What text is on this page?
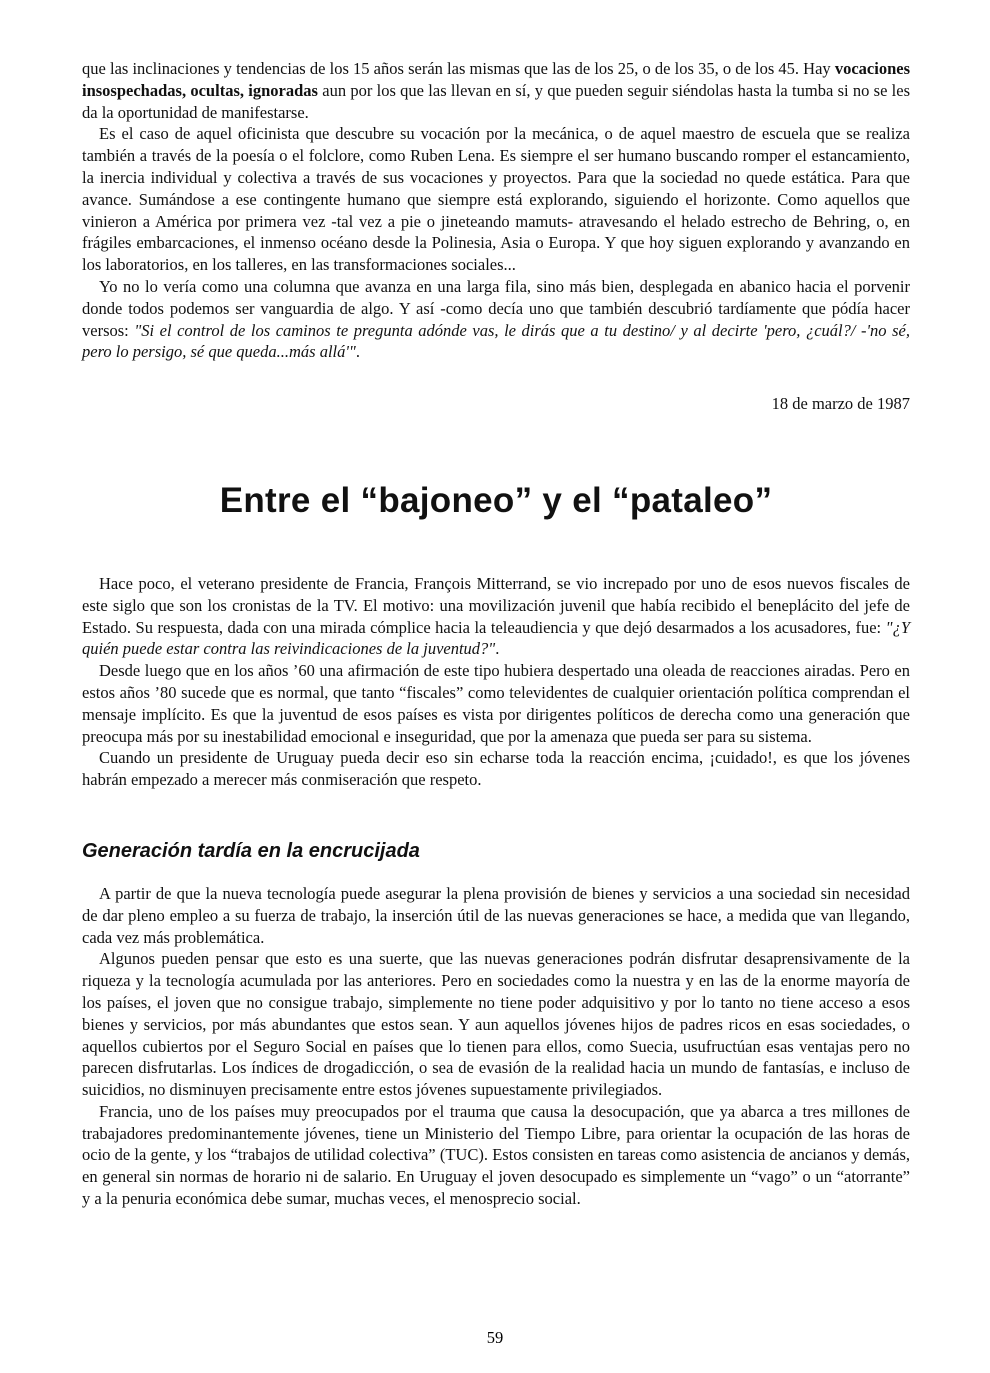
que las inclinaciones y tendencias de los 15 años serán las mismas que las de los 25, o de los 35, o de los 45. Hay vocaciones insospechadas, ocultas, ignoradas aun por los que las llevan en sí, y que pueden seguir siéndolas hasta la tumba si no se les da la oportunidad de manifestarse.

Es el caso de aquel oficinista que descubre su vocación por la mecánica, o de aquel maestro de escuela que se realiza también a través de la poesía o el folclore, como Ruben Lena. Es siempre el ser humano buscando romper el estancamiento, la inercia individual y colectiva a través de sus vocaciones y proyectos. Para que la sociedad no quede estática. Para que avance. Sumándose a ese contingente humano que siempre está explorando, siguiendo el horizonte. Como aquellos que vinieron a América por primera vez -tal vez a pie o jineteando mamuts- atravesando el helado estrecho de Behring, o, en frágiles embarcaciones, el inmenso océano desde la Polinesia, Asia o Europa. Y que hoy siguen explorando y avanzando en los laboratorios, en los talleres, en las transformaciones sociales...

Yo no lo vería como una columna que avanza en una larga fila, sino más bien, desplegada en abanico hacia el porvenir donde todos podemos ser vanguardia de algo. Y así -como decía uno que también descubrió tardíamente que pódía hacer versos: "Si el control de los caminos te pregunta adónde vas, le dirás que a tu destino/ y al decirte 'pero, ¿cuál?/ -'no sé, pero lo persigo, sé que queda...más allá'".

18 de marzo de 1987
Entre el “bajoneo” y el “pataleo”

Hace poco, el veterano presidente de Francia, François Mitterrand, se vio increpado por uno de esos nuevos fiscales de este siglo que son los cronistas de la TV. El motivo: una movilización juvenil que había recibido el beneplácito del jefe de Estado. Su respuesta, dada con una mirada cómplice hacia la teleaudiencia y que dejó desarmados a los acusadores, fue: "¿Y quién puede estar contra las reivindicaciones de la juventud?".

Desde luego que en los años ’60 una afirmación de este tipo hubiera despertado una oleada de reacciones airadas. Pero en estos años ’80 sucede que es normal, que tanto “fiscales” como televidentes de cualquier orientación política comprendan el mensaje implícito. Es que la juventud de esos países es vista por dirigentes políticos de derecha como una generación que preocupa más por su inestabilidad emocional e inseguridad, que por la amenaza que pueda ser para su sistema.

Cuando un presidente de Uruguay pueda decir eso sin echarse toda la reacción encima, ¡cuidado!, es que los jóvenes habrán empezado a merecer más conmiseración que respeto.

Generación tardía en la encrucijada

A partir de que la nueva tecnología puede asegurar la plena provisión de bienes y servicios a una sociedad sin necesidad de dar pleno empleo a su fuerza de trabajo, la inserción útil de las nuevas generaciones se hace, a medida que van llegando, cada vez más problemática.

Algunos pueden pensar que esto es una suerte, que las nuevas generaciones podrán disfrutar desaprensivamente de la riqueza y la tecnología acumulada por las anteriores. Pero en sociedades como la nuestra y en las de la enorme mayoría de los países, el joven que no consigue trabajo, simplemente no tiene poder adquisitivo y por lo tanto no tiene acceso a esos bienes y servicios, por más abundantes que estos sean. Y aun aquellos jóvenes hijos de padres ricos en esas sociedades, o aquellos cubiertos por el Seguro Social en países que lo tienen para ellos, como Suecia, usufructúan esas ventajas pero no parecen disfrutarlas. Los índices de drogadicción, o sea de evasión de la realidad hacia un mundo de fantasías, e incluso de suicidios, no disminuyen precisamente entre estos jóvenes supuestamente privilegiados.

Francia, uno de los países muy preocupados por el trauma que causa la desocupación, que ya abarca a tres millones de trabajadores predominantemente jóvenes, tiene un Ministerio del Tiempo Libre, para orientar la ocupación de las horas de ocio de la gente, y los “trabajos de utilidad colectiva” (TUC). Estos consisten en tareas como asistencia de ancianos y demás, en general sin normas de horario ni de salario. En Uruguay el joven desocupado es simplemente un “vago” o un “atorrante” y a la penuria económica debe sumar, muchas veces, el menosprecio social.

59
